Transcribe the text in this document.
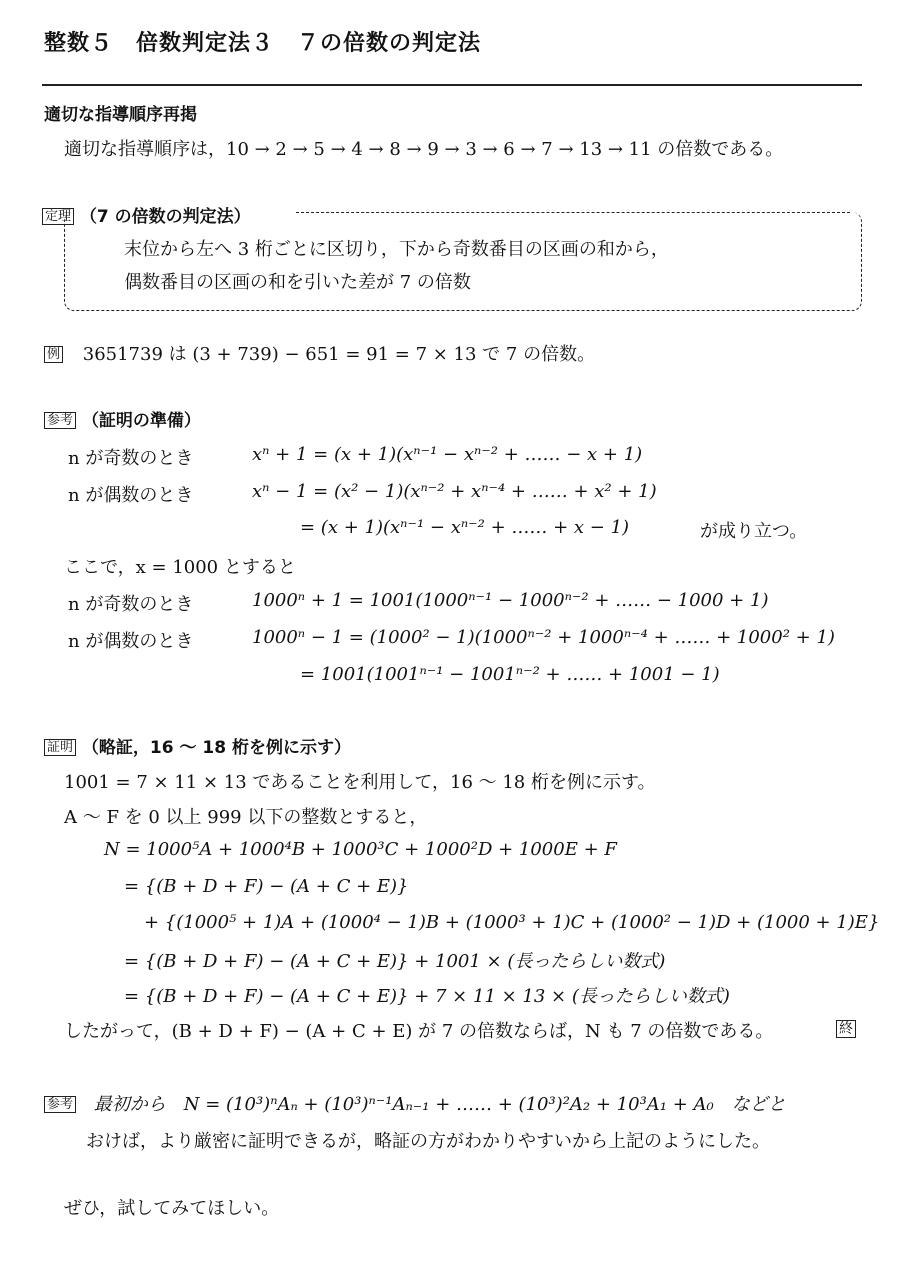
整数５　倍数判定法３　７の倍数の判定法
適切な指導順序再掲
適切な指導順序は，10 → 2 → 5 → 4 → 8 → 9 → 3 → 6 → 7 → 13 → 11 の倍数である。
定理 （7 の倍数の判定法）
末位から左へ 3 桁ごとに区切り，下から奇数番目の区画の和から，
偶数番目の区画の和を引いた差が 7 の倍数
例 3651739 は (3 + 739) − 651 = 91 = 7 × 13 で 7 の倍数。
参考 （証明の準備）
n が奇数のとき	xⁿ + 1 = (x + 1)(xⁿ⁻¹ − xⁿ⁻² + …… − x + 1)
n が偶数のとき	xⁿ − 1 = (x² − 1)(xⁿ⁻² + xⁿ⁻⁴ + …… + x² + 1)
= (x + 1)(xⁿ⁻¹ − xⁿ⁻² + …… + x − 1)	が成り立つ。
ここで，x = 1000 とすると
n が奇数のとき	1000ⁿ + 1 = 1001(1000ⁿ⁻¹ − 1000ⁿ⁻² + …… − 1000 + 1)
n が偶数のとき	1000ⁿ − 1 = (1000² − 1)(1000ⁿ⁻² + 1000ⁿ⁻⁴ + …… + 1000² + 1)
= 1001(1001ⁿ⁻¹ − 1001ⁿ⁻² + …… + 1001 − 1)
証明 （略証，16 ～ 18 桁を例に示す）
1001 = 7 × 11 × 13 であることを利用して，16 ～ 18 桁を例に示す。
A ～ F を 0 以上 999 以下の整数とすると，
N = 1000⁵A + 1000⁴B + 1000³C + 1000²D + 1000E + F
= {(B + D + F) − (A + C + E)}
+ {(1000⁵ + 1)A + (1000⁴ − 1)B + (1000³ + 1)C + (1000² − 1)D + (1000 + 1)E}
= {(B + D + F) − (A + C + E)} + 1001 × (長ったらしい数式)
= {(B + D + F) − (A + C + E)} + 7 × 11 × 13 × (長ったらしい数式)
したがって，(B + D + F) − (A + C + E) が 7 の倍数ならば，N も 7 の倍数である。	終
参考 最初から　N = (10³)ⁿAₙ + (10³)ⁿ⁻¹Aₙ₋₁ + …… + (10³)²A₂ + 10³A₁ + A₀　などと
おけば，より厳密に証明できるが，略証の方がわかりやすいから上記のようにした。
ぜひ，試してみてほしい。
